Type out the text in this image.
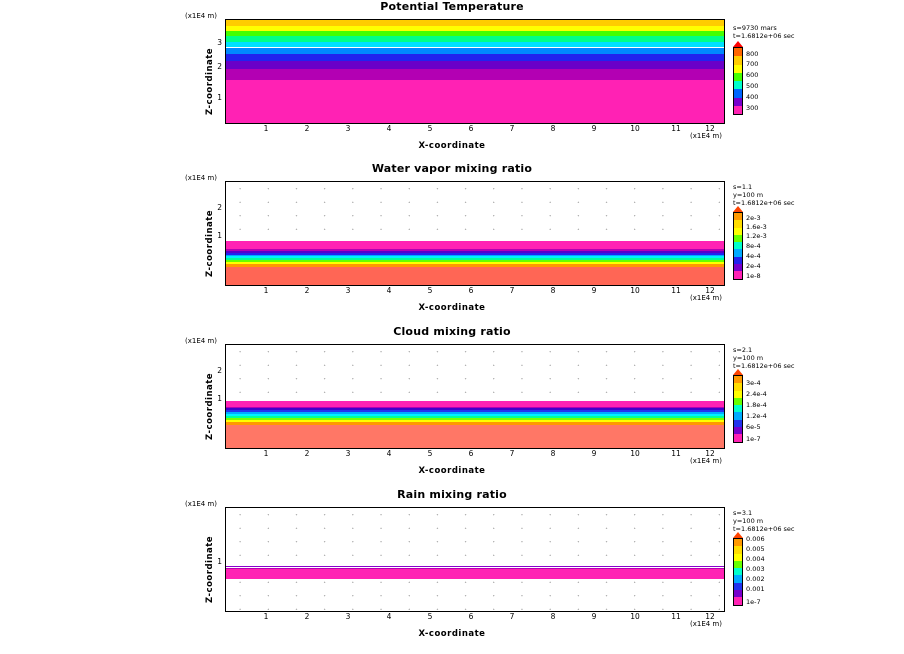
Potential Temperature
(x1E4 m)
Z-coordinate
3
2
1
1	2	3	4	5	6	7	8	9	10	11	12
(x1E4 m)
X-coordinate
s=9730 mars
t=1.6812e+06 sec
800
700
600
500
400
300
Water vapor mixing ratio
(x1E4 m)
Z-coordinate
2
1
1	2	3	4	5	6	7	8	9	10	11	12
(x1E4 m)
X-coordinate
s=1.1
y=100 m
t=1.6812e+06 sec
2e-3
1.6e-3
1.2e-3
8e-4
4e-4
2e-4
1e-8
Cloud mixing ratio
(x1E4 m)
Z-coordinate
2
1
1	2	3	4	5	6	7	8	9	10	11	12
(x1E4 m)
X-coordinate
s=2.1
y=100 m
t=1.6812e+06 sec
3e-4
2.4e-4
1.8e-4
1.2e-4
6e-5
1e-7
Rain mixing ratio
(x1E4 m)
Z-coordinate 1
1	2	3	4	5	6	7	8	9	10	11	12
(x1E4 m)
X-coordinate
s=3.1
y=100 m
t=1.6812e+06 sec
0.006
0.005
0.004
0.003
0.002
0.001
1e-7
